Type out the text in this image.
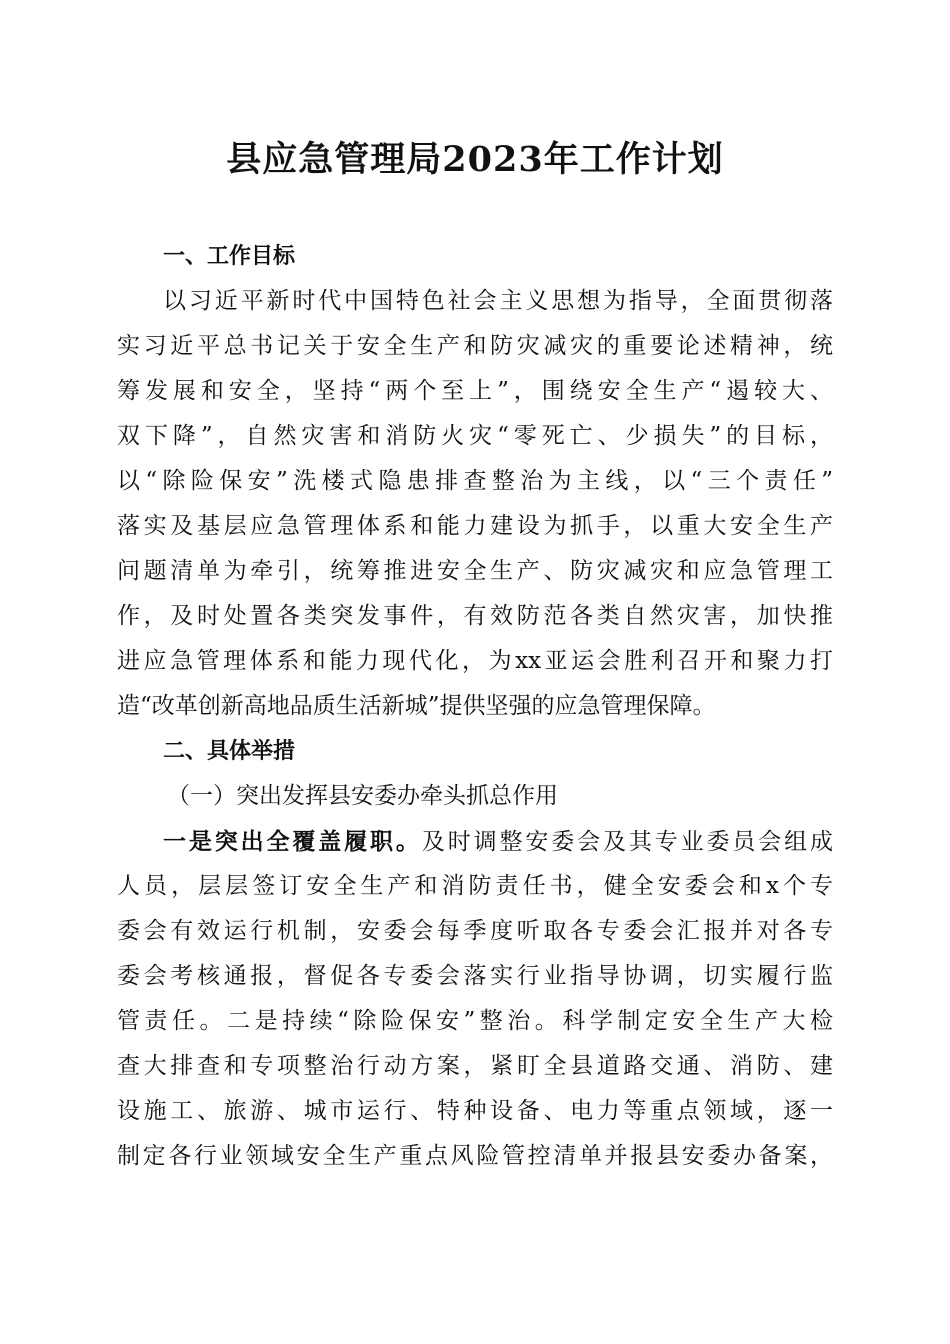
县应急管理局2023年工作计划
一、工作目标
以习近平新时代中国特色社会主义思想为指导，全面贯彻落
实习近平总书记关于安全生产和防灾减灾的重要论述精神，统
筹发展和安全，坚持“两个至上”，围绕安全生产“遏较大、
双下降”，自然灾害和消防火灾“零死亡、少损失”的目标，
以“除险保安”洗楼式隐患排查整治为主线，以“三个责任”
落实及基层应急管理体系和能力建设为抓手，以重大安全生产
问题清单为牵引，统筹推进安全生产、防灾减灾和应急管理工
作，及时处置各类突发事件，有效防范各类自然灾害，加快推
进应急管理体系和能力现代化，为xx亚运会胜利召开和聚力打
造“改革创新高地品质生活新城”提供坚强的应急管理保障。
二、具体举措
（一）突出发挥县安委办牵头抓总作用
一是突出全覆盖履职。及时调整安委会及其专业委员会组成
人员，层层签订安全生产和消防责任书，健全安委会和x个专
委会有效运行机制，安委会每季度听取各专委会汇报并对各专
委会考核通报，督促各专委会落实行业指导协调，切实履行监
管责任。二是持续“除险保安”整治。科学制定安全生产大检
查大排查和专项整治行动方案，紧盯全县道路交通、消防、建
设施工、旅游、城市运行、特种设备、电力等重点领域，逐一
制定各行业领域安全生产重点风险管控清单并报县安委办备案，
